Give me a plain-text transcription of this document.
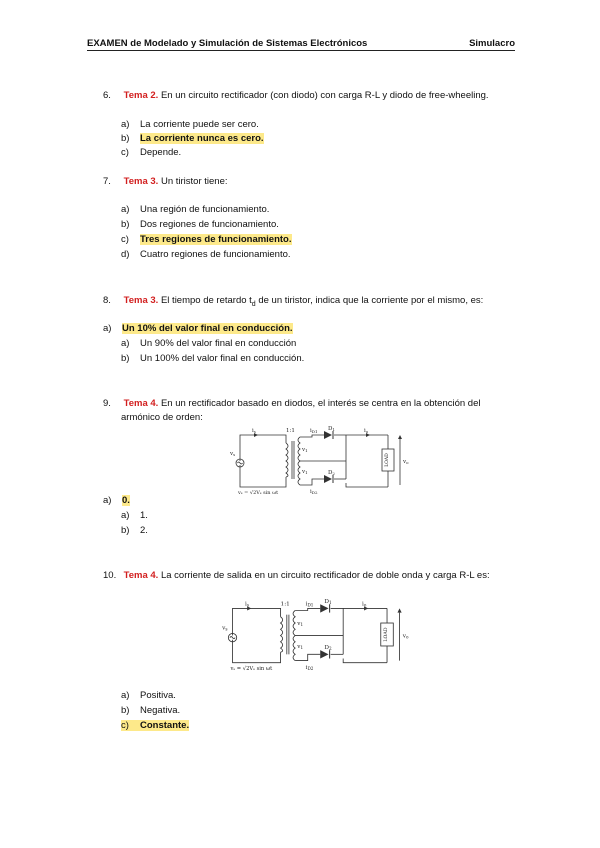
EXAMEN de Modelado y Simulación de Sistemas Electrónicos	Simulacro
6. Tema 2. En un circuito rectificador (con diodo) con carga R-L y diodo de free-wheeling.
a) La corriente puede ser cero.
b) La corriente nunca es cero.
c) Depende.
7. Tema 3. Un tiristor tiene:
a) Una región de funcionamiento.
b) Dos regiones de funcionamiento.
c) Tres regiones de funcionamiento.
d) Cuatro regiones de funcionamiento.
8. Tema 3. El tiempo de retardo $t_d$ de un tiristor, indica que la corriente por el mismo, es:
a) Un 10% del valor final en conducción.
a) Un 90% del valor final en conducción
b) Un 100% del valor final en conducción.
9. Tema 4. En un rectificador basado en diodos, el interés se centra en la obtención del
armónico de orden:
is
vs
1:1
v1
v1
iD1 D1
D2
iD2
io
vo
vₛ = √2Vₛ sin ωt
LOAD
a) 0.
a) 1.
b) 2.
10. Tema 4. La corriente de salida en un circuito rectificador de doble onda y carga R-L es:
is
vs
1:1
v1
v1
iD1 D1
D2
iD2
io
vo
vₛ = √2Vₛ sin ωt
LOAD
a) Positiva.
b) Negativa.
c) Constante.
